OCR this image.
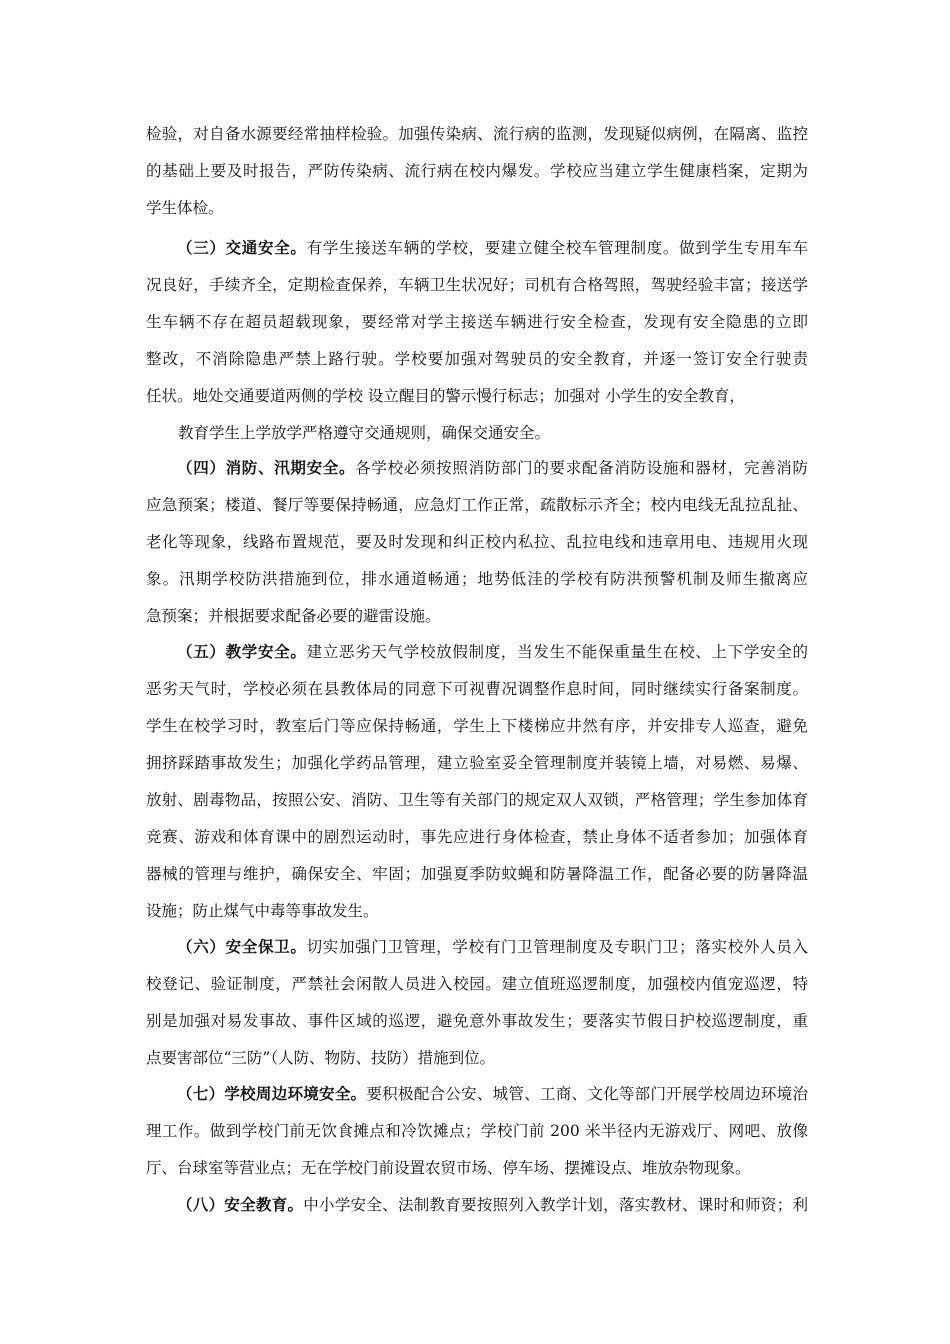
检验，对自备水源要经常抽样检验。加强传染病、流行病的监测，发现疑似病例，在隔离、监控
的基础上要及时报告，严防传染病、流行病在校内爆发。学校应当建立学生健康档案，定期为
学生体检。
（三）交通安全。有学生接送车辆的学校，要建立健全校车管理制度。做到学生专用车车
况良好，手续齐全，定期检查保养，车辆卫生状况好；司机有合格驾照，驾驶经验丰富；接送学
生车辆不存在超员超载现象，要经常对学主接送车辆进行安全检查，发现有安全隐患的立即
整改，不消除隐患严禁上路行驶。学校要加强对驾驶员的安全教育，并逐一签订安全行驶责
任状。地处交通要道两侧的学校 设立醒目的警示慢行标志；加强对 小学生的安全教育，
教育学生上学放学严格遵守交通规则，确保交通安全。
（四）消防、汛期安全。各学校必须按照消防部门的要求配备消防设施和器材，完善消防
应急预案；楼道、餐厅等要保持畅通，应急灯工作正常，疏散标示齐全；校内电线无乱拉乱扯、
老化等现象，线路布置规范，要及时发现和纠正校内私拉、乱拉电线和违章用电、违规用火现
象。汛期学校防洪措施到位，排水通道畅通；地势低洼的学校有防洪预警机制及师生撤离应
急预案；并根据要求配备必要的避雷设施。
（五）教学安全。建立恶劣天气学校放假制度，当发生不能保重量生在校、上下学安全的
恶劣天气时，学校必须在县教体局的同意下可视曹况调整作息时间，同时继续实行备案制度。
学生在校学习时，教室后门等应保持畅通，学生上下楼梯应井然有序，并安排专人巡查，避免
拥挤踩踏事故发生；加强化学药品管理，建立验室妥全管理制度并装镜上墙，对易燃、易爆、
放射、剧毒物品，按照公安、消防、卫生等有关部门的规定双人双锁，严格管理；学生参加体育
竞赛、游戏和体育课中的剧烈运动时，事先应进行身体检查，禁止身体不适者参加；加强体育
器械的管理与维护，确保安全、牢固；加强夏季防蚊蝇和防暑降温工作，配备必要的防暑降温
设施；防止煤气中毒等事故发生。
（六）安全保卫。切实加强门卫管理，学校有门卫管理制度及专职门卫；落实校外人员入
校登记、验证制度，严禁社会闲散人员进入校园。建立值班巡逻制度，加强校内值宠巡逻，特
别是加强对易发事故、事件区域的巡逻，避免意外事故发生；要落实节假日护校巡逻制度，重
点要害部位“三防”（人防、物防、技防）措施到位。
（七）学校周边环境安全。要积极配合公安、城管、工商、文化等部门开展学校周边环境治
理工作。做到学校门前无饮食摊点和冷饮摊点；学校门前 200 米半径内无游戏厅、网吧、放像
厅、台球室等营业点；无在学校门前设置农贸市场、停车场、摆摊设点、堆放杂物现象。
（八）安全教育。中小学安全、法制教育要按照列入教学计划，落实教材、课时和师资；利
